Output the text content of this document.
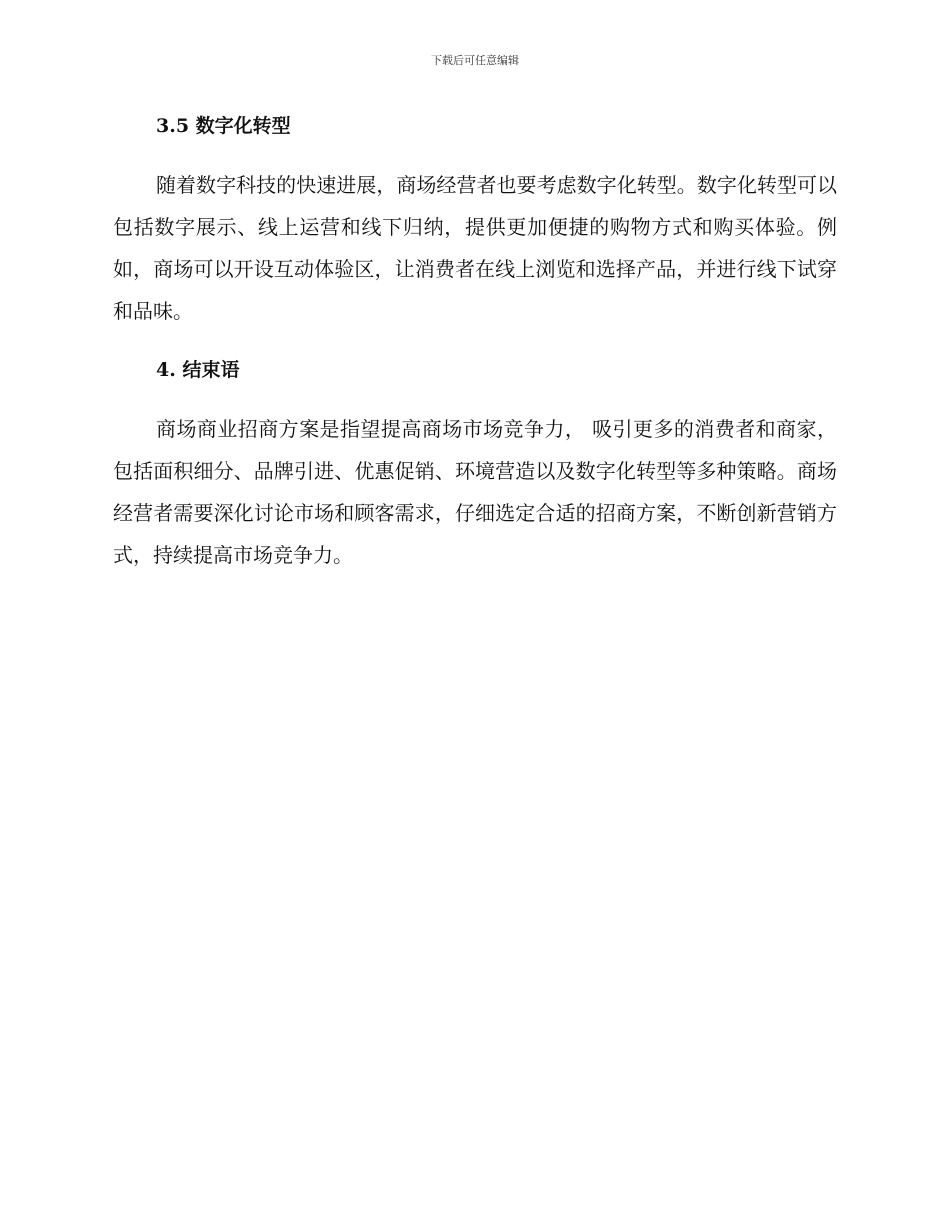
下载后可任意编辑
3.5 数字化转型

随着数字科技的快速进展，商场经营者也要考虑数字化转型。数字化转型可以包括数字展示、线上运营和线下归纳，提供更加便捷的购物方式和购买体验。例如，商场可以开设互动体验区，让消费者在线上浏览和选择产品，并进行线下试穿和品味。

4. 结束语

商场商业招商方案是指望提高商场市场竞争力， 吸引更多的消费者和商家， 包括面积细分、品牌引进、优惠促销、环境营造以及数字化转型等多种策略。商场经营者需要深化讨论市场和顾客需求，仔细选定合适的招商方案，不断创新营销方式，持续提高市场竞争力。
